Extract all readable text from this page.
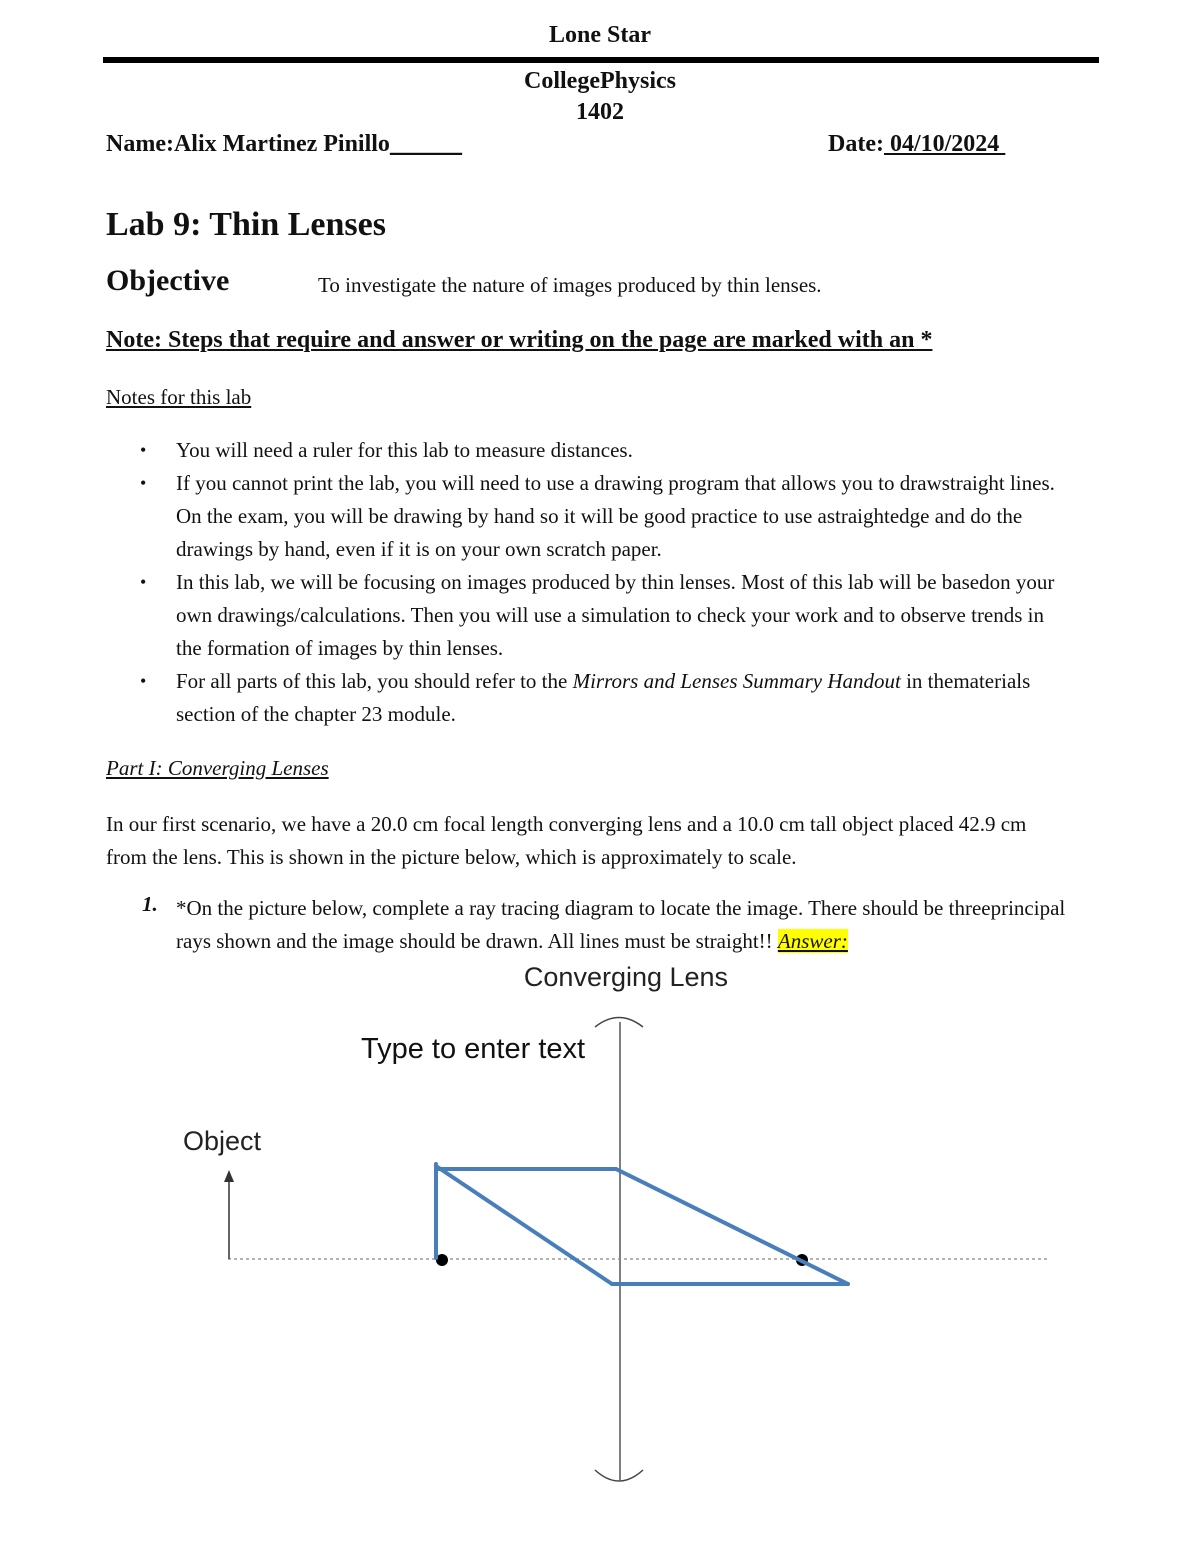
Lone Star
CollegePhysics
1402
Name:Alix Martinez Pinillo______	Date: 04/10/2024
Lab 9: Thin Lenses
Objective	To investigate the nature of images produced by thin lenses.
Note: Steps that require and answer or writing on the page are marked with an *
Notes for this lab
• You will need a ruler for this lab to measure distances.
• If you cannot print the lab, you will need to use a drawing program that allows you to drawstraight lines. On the exam, you will be drawing by hand so it will be good practice to use astraightedge and do the drawings by hand, even if it is on your own scratch paper.
• In this lab, we will be focusing on images produced by thin lenses. Most of this lab will be basedon your own drawings/calculations. Then you will use a simulation to check your work and to observe trends in the formation of images by thin lenses.
• For all parts of this lab, you should refer to the Mirrors and Lenses Summary Handout in thematerials section of the chapter 23 module.
Part I: Converging Lenses
In our first scenario, we have a 20.0 cm focal length converging lens and a 10.0 cm tall object placed 42.9 cm from the lens. This is shown in the picture below, which is approximately to scale.
1. *On the picture below, complete a ray tracing diagram to locate the image. There should be threeprincipal rays shown and the image should be drawn. All lines must be straight!! Answer:
Converging Lens
Type to enter text
Object
